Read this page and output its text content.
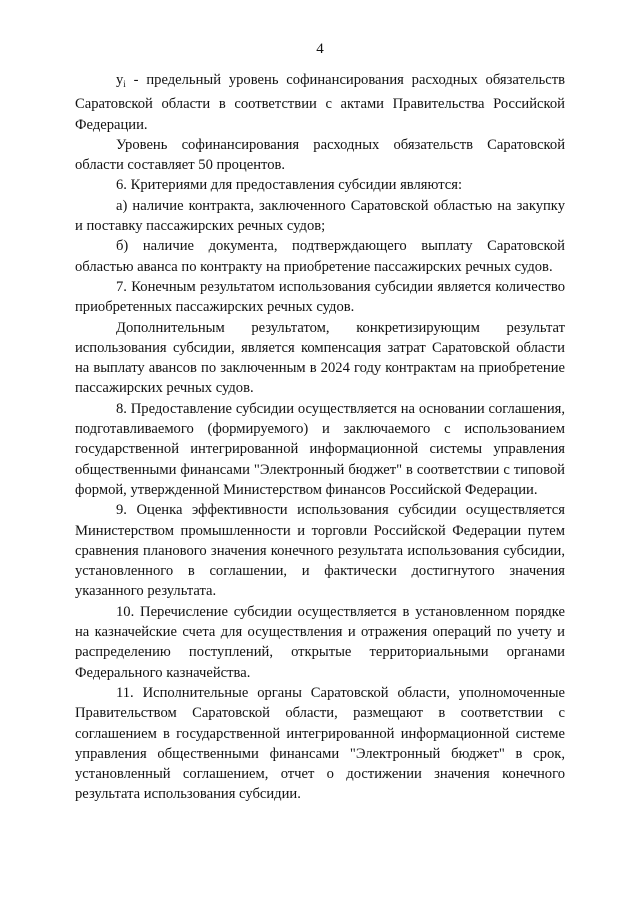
4

$y_i$ - предельный уровень софинансирования расходных обязательств Саратовской области в соответствии с актами Правительства Российской Федерации.

Уровень софинансирования расходных обязательств Саратовской области составляет 50 процентов.

6. Критериями для предоставления субсидии являются:

а) наличие контракта, заключенного Саратовской областью на закупку и поставку пассажирских речных судов;

б) наличие документа, подтверждающего выплату Саратовской областью аванса по контракту на приобретение пассажирских речных судов.

7. Конечным результатом использования субсидии является количество приобретенных пассажирских речных судов.

Дополнительным результатом, конкретизирующим результат использования субсидии, является компенсация затрат Саратовской области на выплату авансов по заключенным в 2024 году контрактам на приобретение пассажирских речных судов.

8. Предоставление субсидии осуществляется на основании соглашения, подготавливаемого (формируемого) и заключаемого с использованием государственной интегрированной информационной системы управления общественными финансами "Электронный бюджет" в соответствии с типовой формой, утвержденной Министерством финансов Российской Федерации.

9. Оценка эффективности использования субсидии осуществляется Министерством промышленности и торговли Российской Федерации путем сравнения планового значения конечного результата использования субсидии, установленного в соглашении, и фактически достигнутого значения указанного результата.

10. Перечисление субсидии осуществляется в установленном порядке на казначейские счета для осуществления и отражения операций по учету и распределению поступлений, открытые территориальными органами Федерального казначейства.

11. Исполнительные органы Саратовской области, уполномоченные Правительством Саратовской области, размещают в соответствии с соглашением в государственной интегрированной информационной системе управления общественными финансами "Электронный бюджет" в срок, установленный соглашением, отчет о достижении значения конечного результата использования субсидии.
